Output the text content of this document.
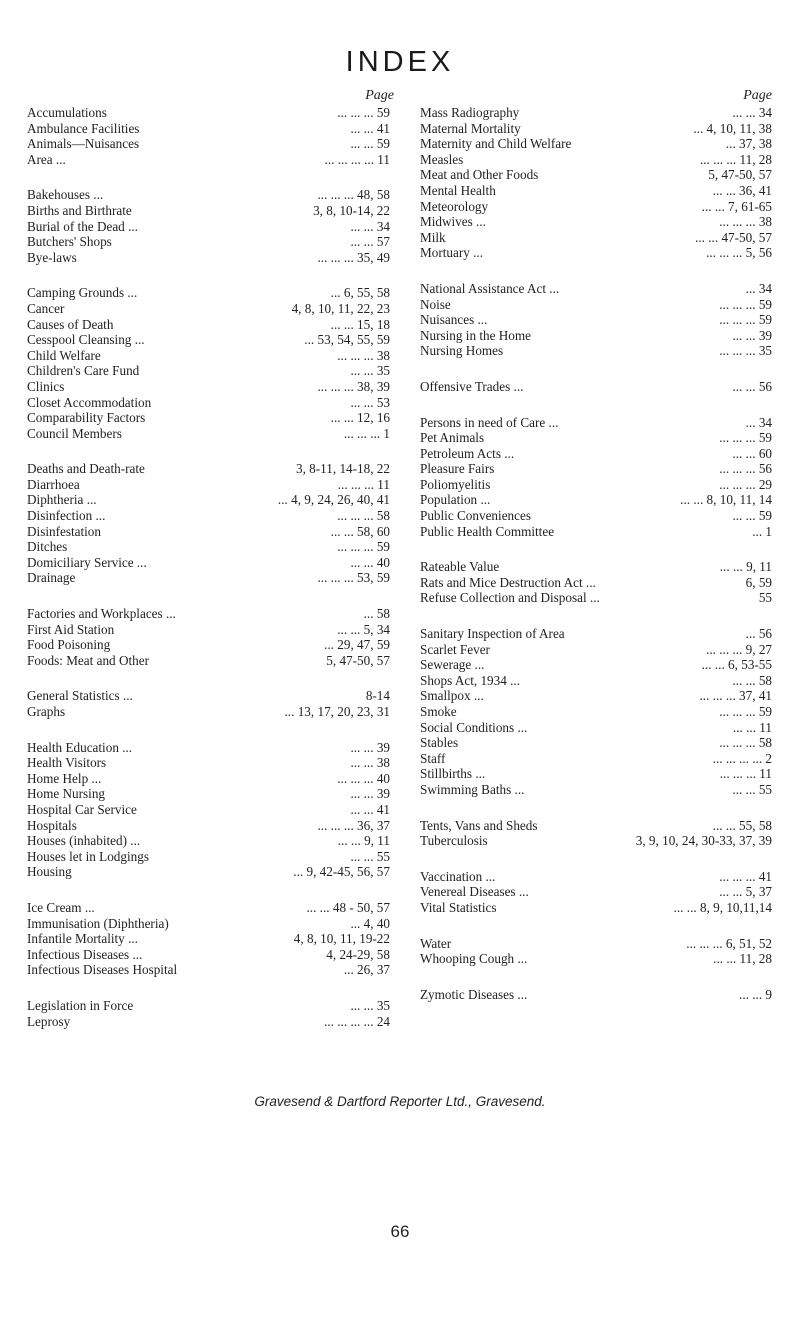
INDEX
Page
Accumulations	... ... ... 59
Ambulance Facilities	... ... 41
Animals—Nuisances	... ... 59
Area ...	... ... ... ... 11
Bakehouses ...	... ... ... 48, 58
Births and Birthrate	3, 8, 10-14, 22
Burial of the Dead ...	... ... 34
Butchers' Shops	... ... 57
Bye-laws	... ... ... 35, 49
Camping Grounds ...	... 6, 55, 58
Cancer	4, 8, 10, 11, 22, 23
Causes of Death	... ... 15, 18
Cesspool Cleansing ...	... 53, 54, 55, 59
Child Welfare	... ... ... 38
Children's Care Fund	... ... 35
Clinics	... ... ... 38, 39
Closet Accommodation	... ... 53
Comparability Factors	... ... 12, 16
Council Members	... ... ... 1
Deaths and Death-rate	3, 8-11, 14-18, 22
Diarrhoea	... ... ... 11
Diphtheria ...	... 4, 9, 24, 26, 40, 41
Disinfection ...	... ... ... 58
Disinfestation	... ... 58, 60
Ditches	... ... ... 59
Domiciliary Service ...	... ... 40
Drainage	... ... ... 53, 59
Factories and Workplaces ...	... 58
First Aid Station	... ... 5, 34
Food Poisoning	... 29, 47, 59
Foods: Meat and Other	5, 47-50, 57
General Statistics ...	8-14
Graphs	... 13, 17, 20, 23, 31
Health Education ...	... ... 39
Health Visitors	... ... 38
Home Help ...	... ... ... 40
Home Nursing	... ... 39
Hospital Car Service	... ... 41
Hospitals	... ... ... 36, 37
Houses (inhabited) ...	... ... 9, 11
Houses let in Lodgings	... ... 55
Housing	... 9, 42-45, 56, 57
Ice Cream ...	... ... 48 - 50, 57
Immunisation (Diphtheria)	... 4, 40
Infantile Mortality ...	4, 8, 10, 11, 19-22
Infectious Diseases ...	4, 24-29, 58
Infectious Diseases Hospital	... 26, 37
Legislation in Force	... ... 35
Leprosy	... ... ... ... 24
Page
Mass Radiography	... ... 34
Maternal Mortality	... 4, 10, 11, 38
Maternity and Child Welfare	... 37, 38
Measles	... ... ... 11, 28
Meat and Other Foods	5, 47-50, 57
Mental Health	... ... 36, 41
Meteorology	... ... 7, 61-65
Midwives ...	... ... ... 38
Milk	... ... 47-50, 57
Mortuary ...	... ... ... 5, 56
National Assistance Act ...	... 34
Noise	... ... ... 59
Nuisances ...	... ... ... 59
Nursing in the Home	... ... 39
Nursing Homes	... ... ... 35
Offensive Trades ...	... ... 56
Persons in need of Care ...	... 34
Pet Animals	... ... ... 59
Petroleum Acts ...	... ... 60
Pleasure Fairs	... ... ... 56
Poliomyelitis	... ... ... 29
Population ...	... ... 8, 10, 11, 14
Public Conveniences	... ... 59
Public Health Committee	... 1
Rateable Value	... ... 9, 11
Rats and Mice Destruction Act ...	6, 59
Refuse Collection and Disposal ...	55
Sanitary Inspection of Area	... 56
Scarlet Fever	... ... ... 9, 27
Sewerage ...	... ... 6, 53-55
Shops Act, 1934 ...	... ... 58
Smallpox ...	... ... ... 37, 41
Smoke	... ... ... 59
Social Conditions ...	... ... 11
Stables	... ... ... 58
Staff	... ... ... ... 2
Stillbirths ...	... ... ... 11
Swimming Baths ...	... ... 55
Tents, Vans and Sheds	... ... 55, 58
Tuberculosis	3, 9, 10, 24, 30-33, 37, 39
Vaccination ...	... ... ... 41
Venereal Diseases ...	... ... 5, 37
Vital Statistics	... ... 8, 9, 10,11,14
Water	... ... ... 6, 51, 52
Whooping Cough ...	... ... 11, 28
Zymotic Diseases ...	... ... 9
Gravesend & Dartford Reporter Ltd., Gravesend.
66
